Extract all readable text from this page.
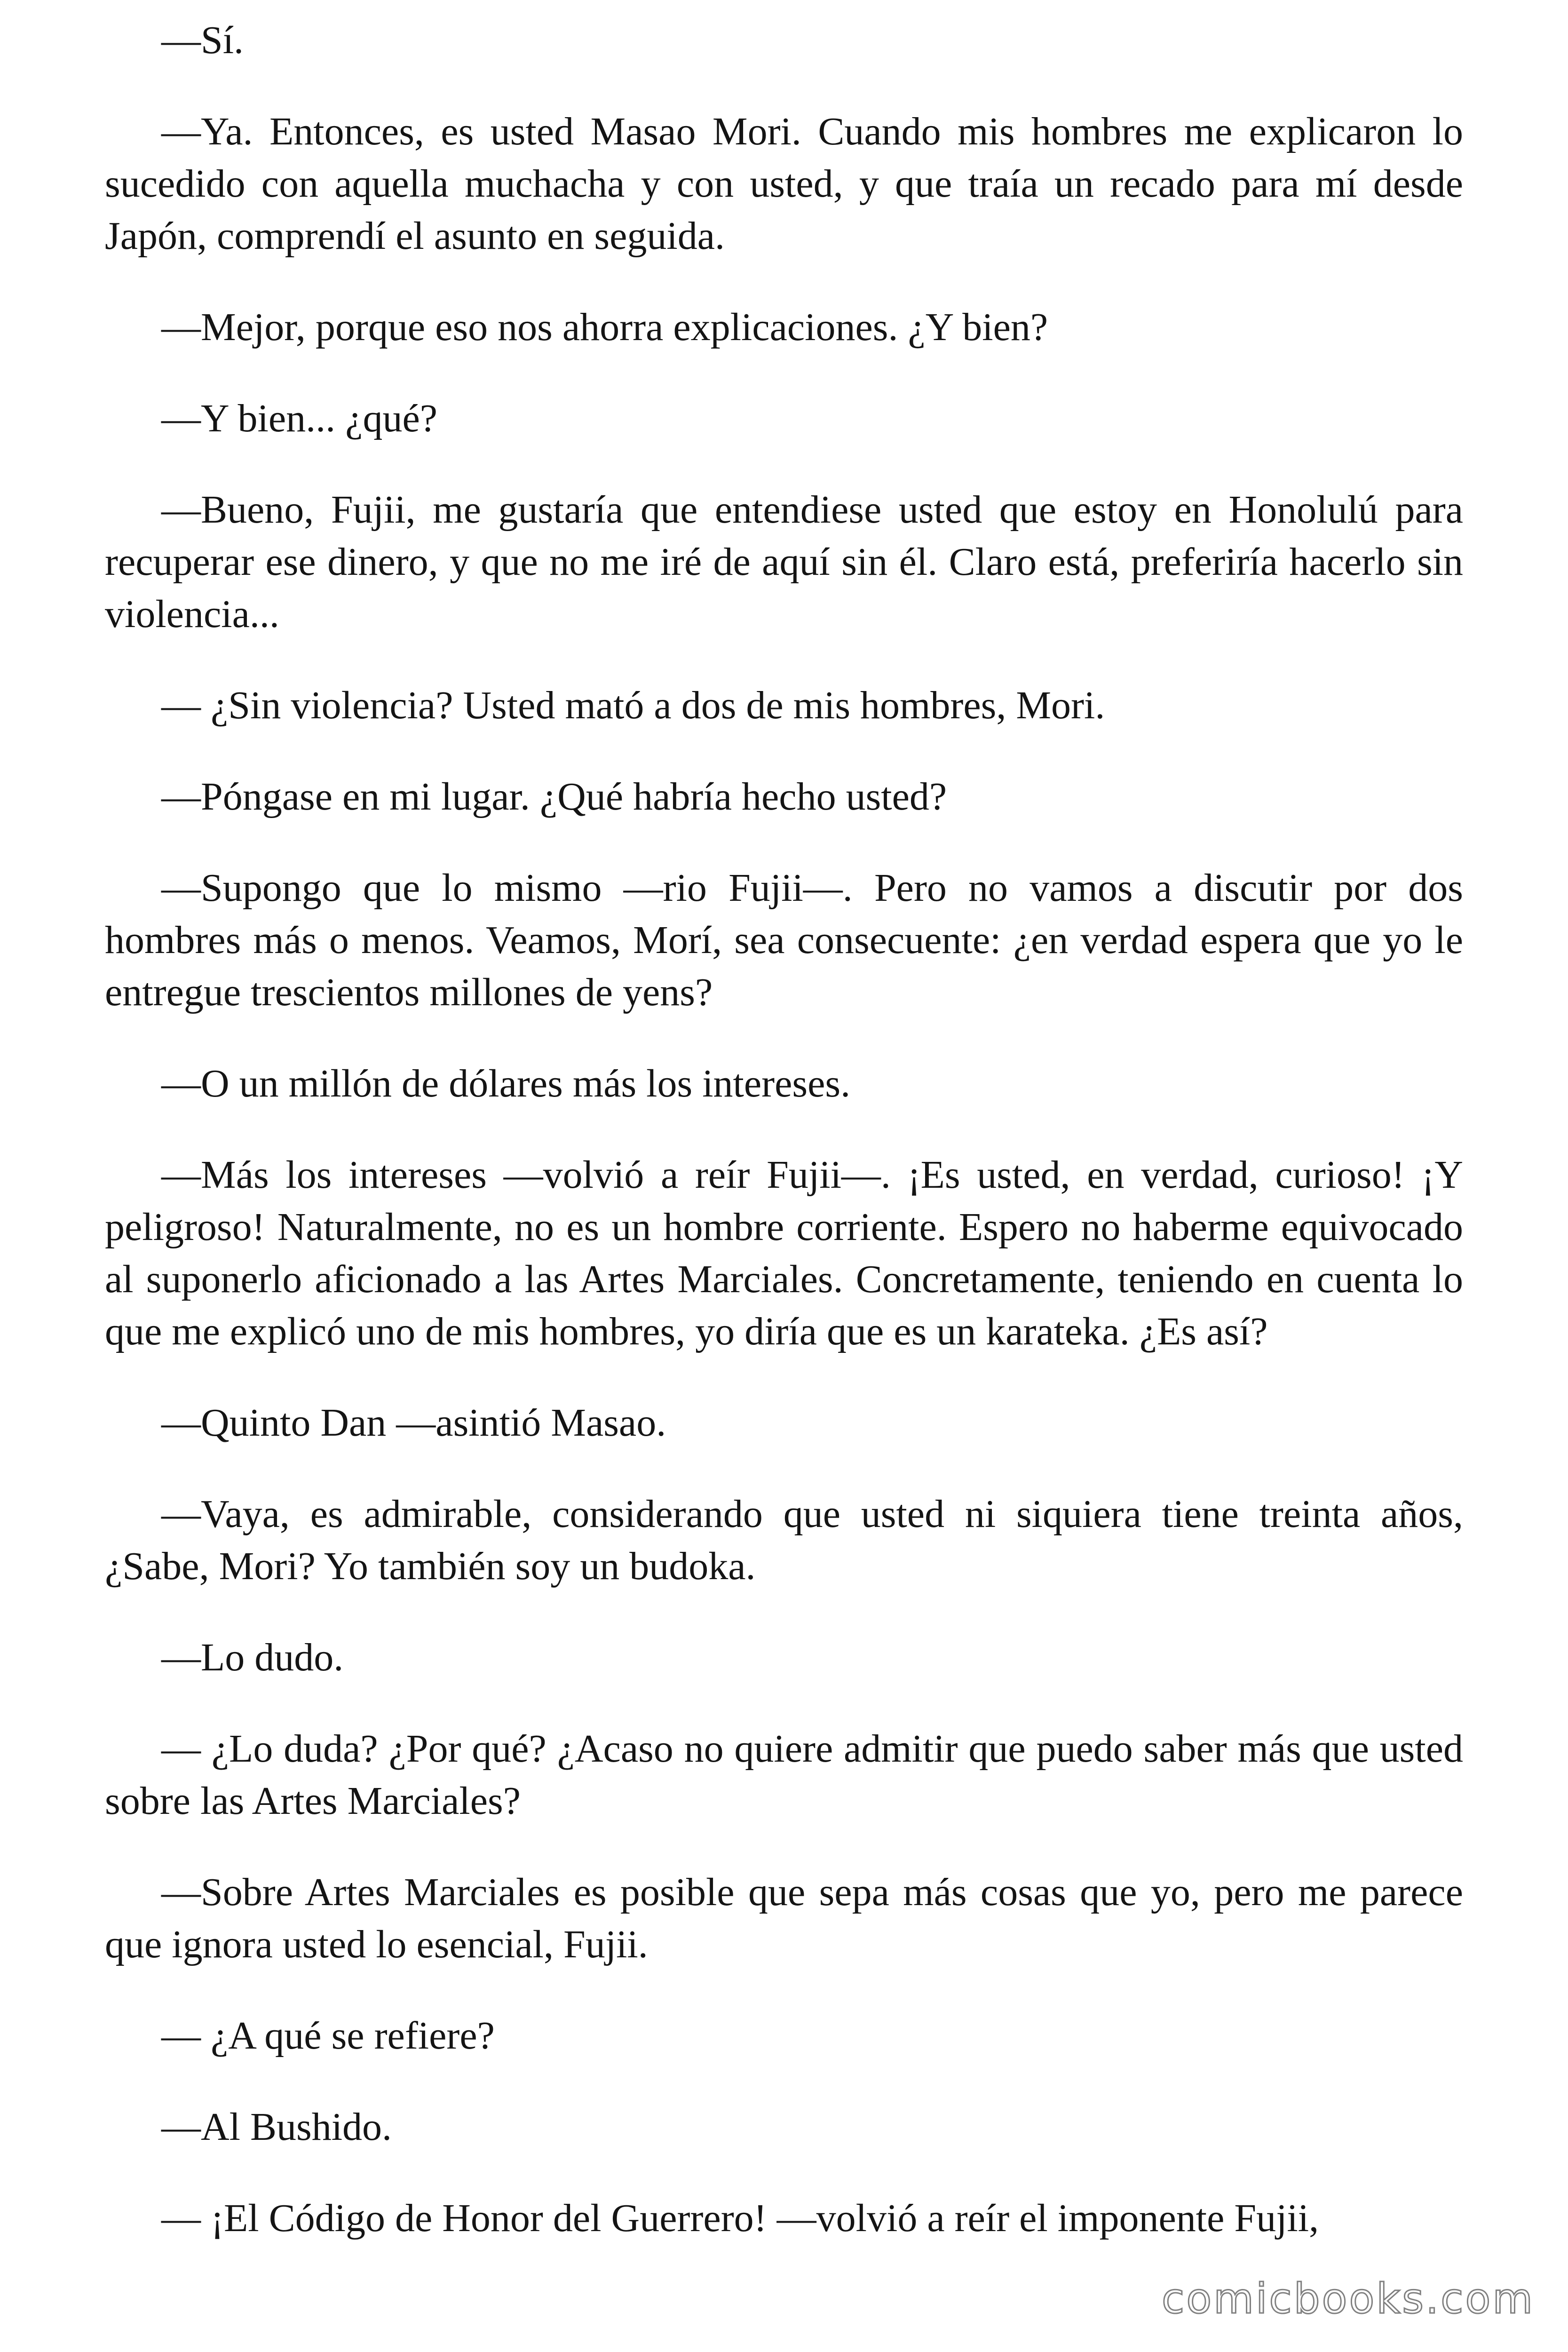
—Sí.

—Ya. Entonces, es usted Masao Mori. Cuando mis hombres me explicaron lo sucedido con aquella muchacha y con usted, y que traía un recado para mí desde Japón, comprendí el asunto en seguida.

—Mejor, porque eso nos ahorra explicaciones. ¿Y bien?

—Y bien... ¿qué?

—Bueno, Fujii, me gustaría que entendiese usted que estoy en Honolulú para recuperar ese dinero, y que no me iré de aquí sin él. Claro está, preferiría hacerlo sin violencia...

— ¿Sin violencia? Usted mató a dos de mis hombres, Mori.

—Póngase en mi lugar. ¿Qué habría hecho usted?

—Supongo que lo mismo —rio Fujii—. Pero no vamos a discutir por dos hombres más o menos. Veamos, Morí, sea consecuente: ¿en verdad espera que yo le entregue trescientos millones de yens?

—O un millón de dólares más los intereses.

—Más los intereses —volvió a reír Fujii—. ¡Es usted, en verdad, curioso! ¡Y peligroso! Naturalmente, no es un hombre corriente. Espero no haberme equivocado al suponerlo aficionado a las Artes Marciales. Concretamente, teniendo en cuenta lo que me explicó uno de mis hombres, yo diría que es un karateka. ¿Es así?

—Quinto Dan —asintió Masao.

—Vaya, es admirable, considerando que usted ni siquiera tiene treinta años, ¿Sabe, Mori? Yo también soy un budoka.

—Lo dudo.

— ¿Lo duda? ¿Por qué? ¿Acaso no quiere admitir que puedo saber más que usted sobre las Artes Marciales?

—Sobre Artes Marciales es posible que sepa más cosas que yo, pero me parece que ignora usted lo esencial, Fujii.

— ¿A qué se refiere?

—Al Bushido.

— ¡El Código de Honor del Guerrero! —volvió a reír el imponente Fujii,

comicbooks.com
